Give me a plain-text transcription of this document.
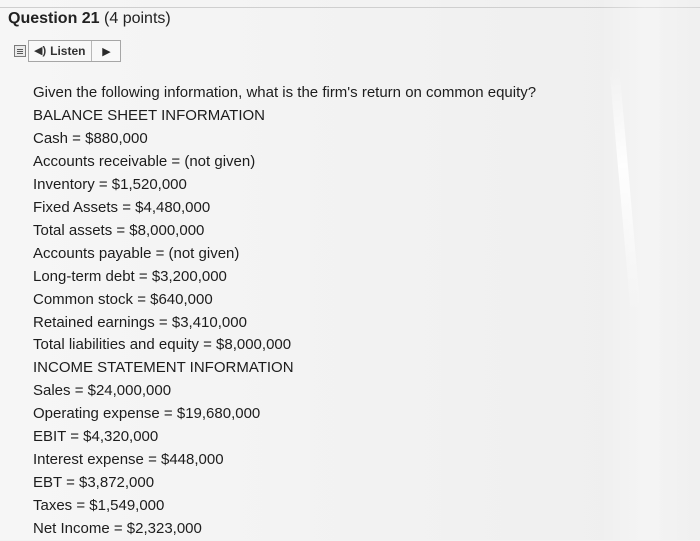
Question 21 (4 points)
◀︎) Listen ▶

Given the following information, what is the firm's return on common equity?

BALANCE SHEET INFORMATION

Cash = $880,000

Accounts receivable = (not given)

Inventory = $1,520,000

Fixed Assets = $4,480,000

Total assets = $8,000,000

Accounts payable = (not given)

Long-term debt = $3,200,000

Common stock = $640,000

Retained earnings = $3,410,000

Total liabilities and equity = $8,000,000

INCOME STATEMENT INFORMATION

Sales = $24,000,000

Operating expense = $19,680,000

EBIT = $4,320,000

Interest expense = $448,000

EBT = $3,872,000

Taxes = $1,549,000

Net Income = $2,323,000
